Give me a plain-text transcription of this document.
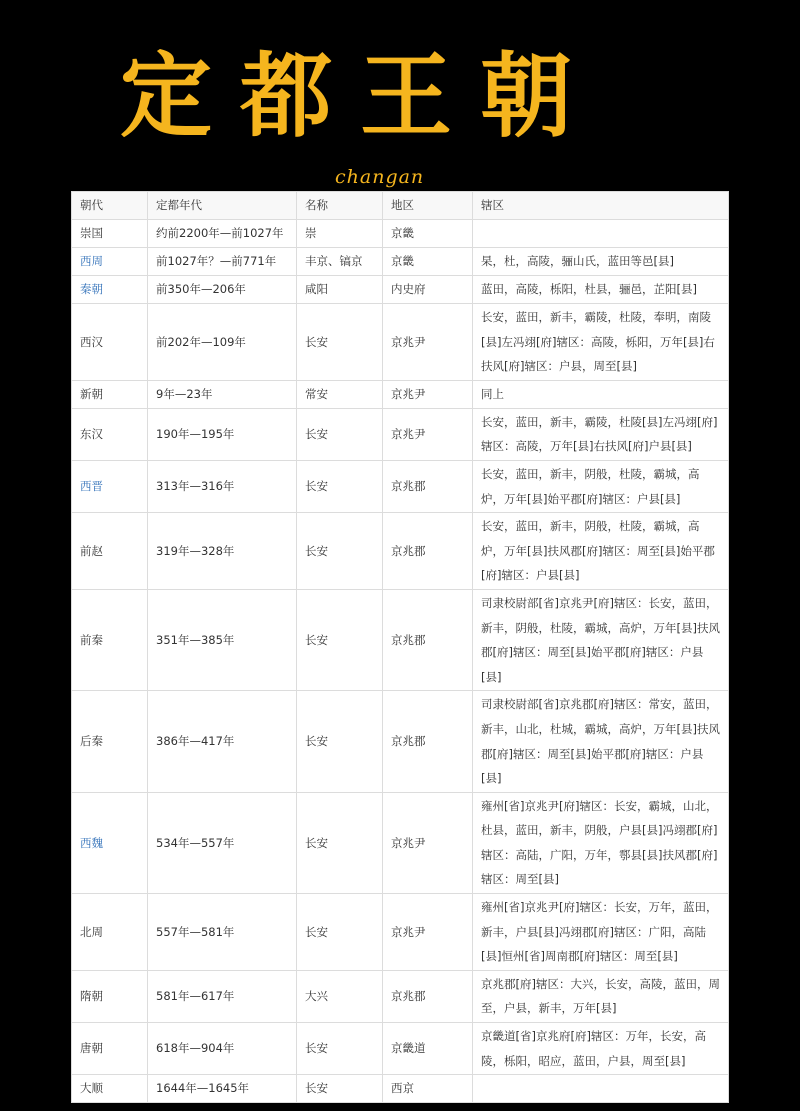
定都王朝
changan
朝代	定都年代	名称	地区	辖区
崇国	约前2200年—前1027年	崇	京畿	
西周	前1027年？—前771年	丰京、镐京	京畿	杲，杜，高陵，骊山氏，蓝田等邑[县]
秦朝	前350年—206年	咸阳	内史府	蓝田，高陵，栎阳，杜县，骊邑，芷阳[县]
西汉	前202年—109年	长安	京兆尹	长安，蓝田，新丰，霸陵，杜陵，奉明，南陵[县]左冯翊[府]辖区：高陵，栎阳，万年[县]右扶风[府]辖区：户县，周至[县]
新朝	9年—23年	常安	京兆尹	同上
东汉	190年—195年	长安	京兆尹	长安，蓝田，新丰，霸陵，杜陵[县]左冯翊[府]辖区：高陵，万年[县]右扶风[府]户县[县]
西晋	313年—316年	长安	京兆郡	长安，蓝田，新丰，阴般，杜陵，霸城，高炉，万年[县]始平郡[府]辖区：户县[县]
前赵	319年—328年	长安	京兆郡	长安，蓝田，新丰，阴般，杜陵，霸城，高炉，万年[县]扶风郡[府]辖区：周至[县]始平郡[府]辖区：户县[县]
前秦	351年—385年	长安	京兆郡	司隶校尉部[省]京兆尹[府]辖区：长安，蓝田，新丰，阴般，杜陵，霸城，高炉，万年[县]扶风郡[府]辖区：周至[县]始平郡[府]辖区：户县[县]
后秦	386年—417年	长安	京兆郡	司隶校尉部[省]京兆郡[府]辖区：常安，蓝田，新丰，山北，杜城，霸城，高炉，万年[县]扶风郡[府]辖区：周至[县]始平郡[府]辖区：户县[县]
西魏	534年—557年	长安	京兆尹	雍州[省]京兆尹[府]辖区：长安，霸城，山北，杜县，蓝田，新丰，阴般，户县[县]冯翊郡[府]辖区：高陆，广阳，万年，鄠县[县]扶风郡[府]辖区：周至[县]
北周	557年—581年	长安	京兆尹	雍州[省]京兆尹[府]辖区：长安，万年，蓝田，新丰，户县[县]冯翊郡[府]辖区：广阳，高陆[县]恒州[省]周南郡[府]辖区：周至[县]
隋朝	581年—617年	大兴	京兆郡	京兆郡[府]辖区：大兴，长安，高陵，蓝田，周至，户县，新丰，万年[县]
唐朝	618年—904年	长安	京畿道	京畿道[省]京兆府[府]辖区：万年，长安，高陵，栎阳，昭应，蓝田，户县，周至[县]
大顺	1644年—1645年	长安	西京	
